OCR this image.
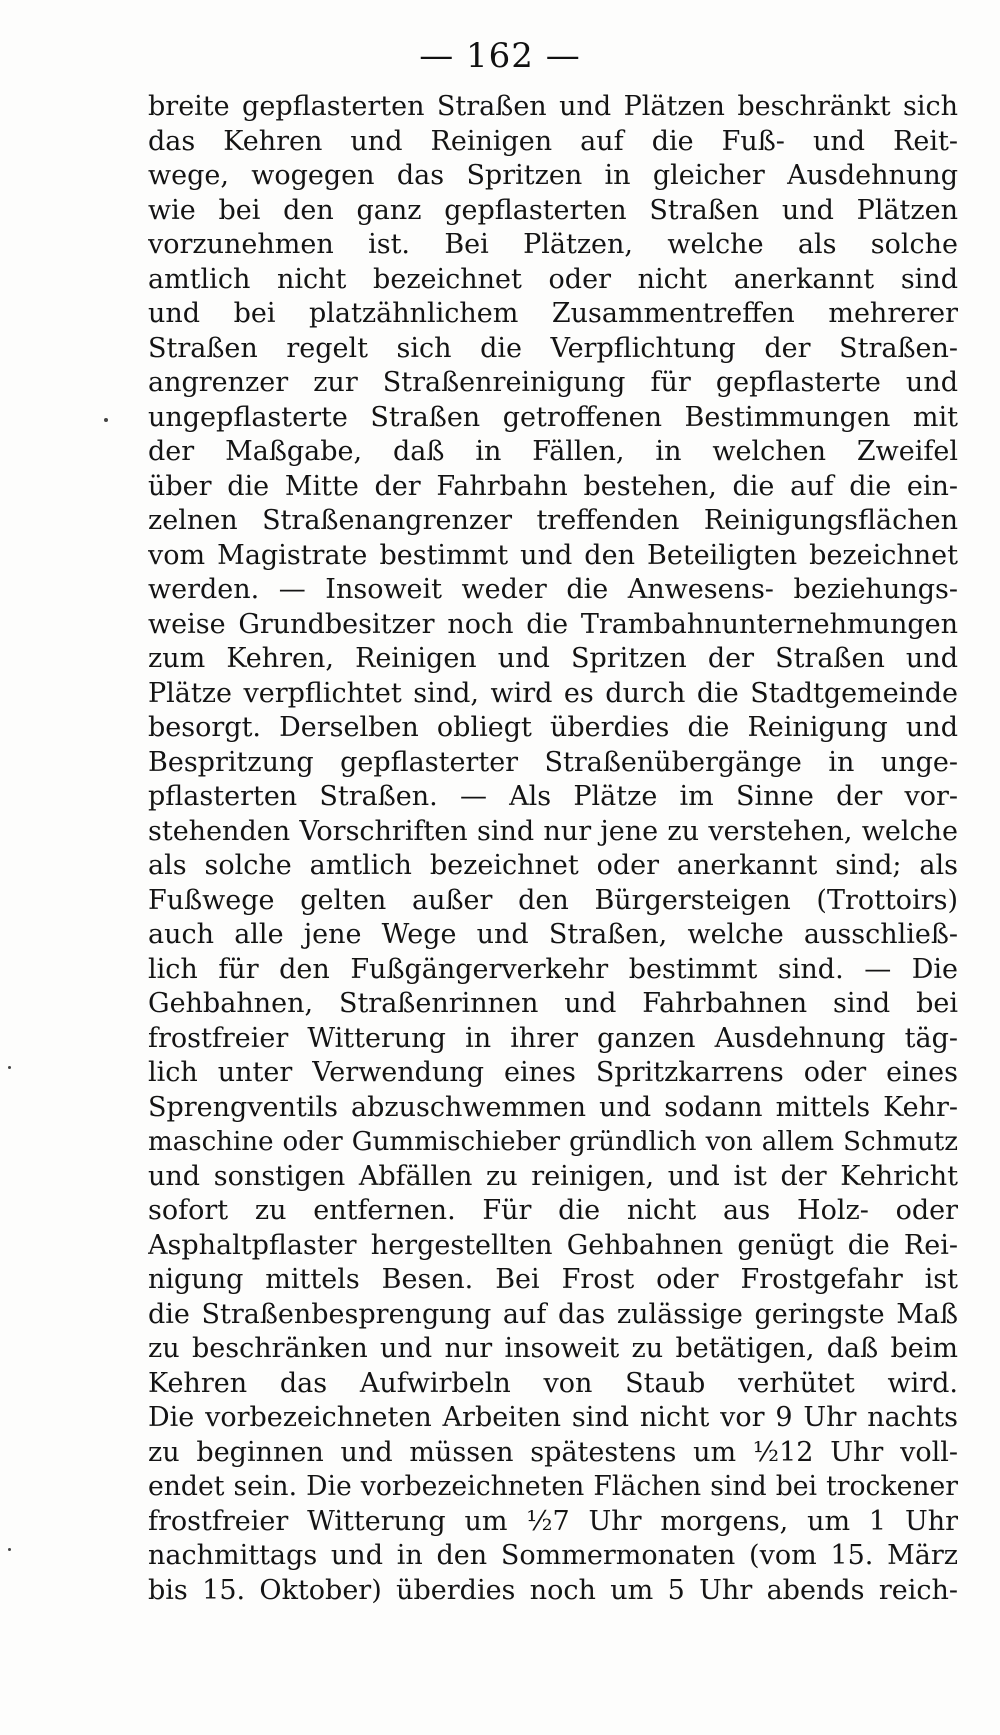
— 162 —
breite gepflasterten Straßen und Plätzen beschränkt sich
das Kehren und Reinigen auf die Fuß- und Reit-
wege, wogegen das Spritzen in gleicher Ausdehnung
wie bei den ganz gepflasterten Straßen und Plätzen
vorzunehmen ist. Bei Plätzen, welche als solche
amtlich nicht bezeichnet oder nicht anerkannt sind
und bei platzähnlichem Zusammentreffen mehrerer
Straßen regelt sich die Verpflichtung der Straßen-
angrenzer zur Straßenreinigung für gepflasterte und
ungepflasterte Straßen getroffenen Bestimmungen mit
der Maßgabe, daß in Fällen, in welchen Zweifel
über die Mitte der Fahrbahn bestehen, die auf die ein-
zelnen Straßenangrenzer treffenden Reinigungsflächen
vom Magistrate bestimmt und den Beteiligten bezeichnet
werden. — Insoweit weder die Anwesens- beziehungs-
weise Grundbesitzer noch die Trambahnunternehmungen
zum Kehren, Reinigen und Spritzen der Straßen und
Plätze verpflichtet sind, wird es durch die Stadtgemeinde
besorgt. Derselben obliegt überdies die Reinigung und
Bespritzung gepflasterter Straßenübergänge in unge-
pflasterten Straßen. — Als Plätze im Sinne der vor-
stehenden Vorschriften sind nur jene zu verstehen, welche
als solche amtlich bezeichnet oder anerkannt sind; als
Fußwege gelten außer den Bürgersteigen (Trottoirs)
auch alle jene Wege und Straßen, welche ausschließ-
lich für den Fußgängerverkehr bestimmt sind. — Die
Gehbahnen, Straßenrinnen und Fahrbahnen sind bei
frostfreier Witterung in ihrer ganzen Ausdehnung täg-
lich unter Verwendung eines Spritzkarrens oder eines
Sprengventils abzuschwemmen und sodann mittels Kehr-
maschine oder Gummischieber gründlich von allem Schmutz
und sonstigen Abfällen zu reinigen, und ist der Kehricht
sofort zu entfernen. Für die nicht aus Holz- oder
Asphaltpflaster hergestellten Gehbahnen genügt die Rei-
nigung mittels Besen. Bei Frost oder Frostgefahr ist
die Straßenbesprengung auf das zulässige geringste Maß
zu beschränken und nur insoweit zu betätigen, daß beim
Kehren das Aufwirbeln von Staub verhütet wird.
Die vorbezeichneten Arbeiten sind nicht vor 9 Uhr nachts
zu beginnen und müssen spätestens um ½12 Uhr voll-
endet sein. Die vorbezeichneten Flächen sind bei trockener
frostfreier Witterung um ½7 Uhr morgens, um 1 Uhr
nachmittags und in den Sommermonaten (vom 15. März
bis 15. Oktober) überdies noch um 5 Uhr abends reich-
